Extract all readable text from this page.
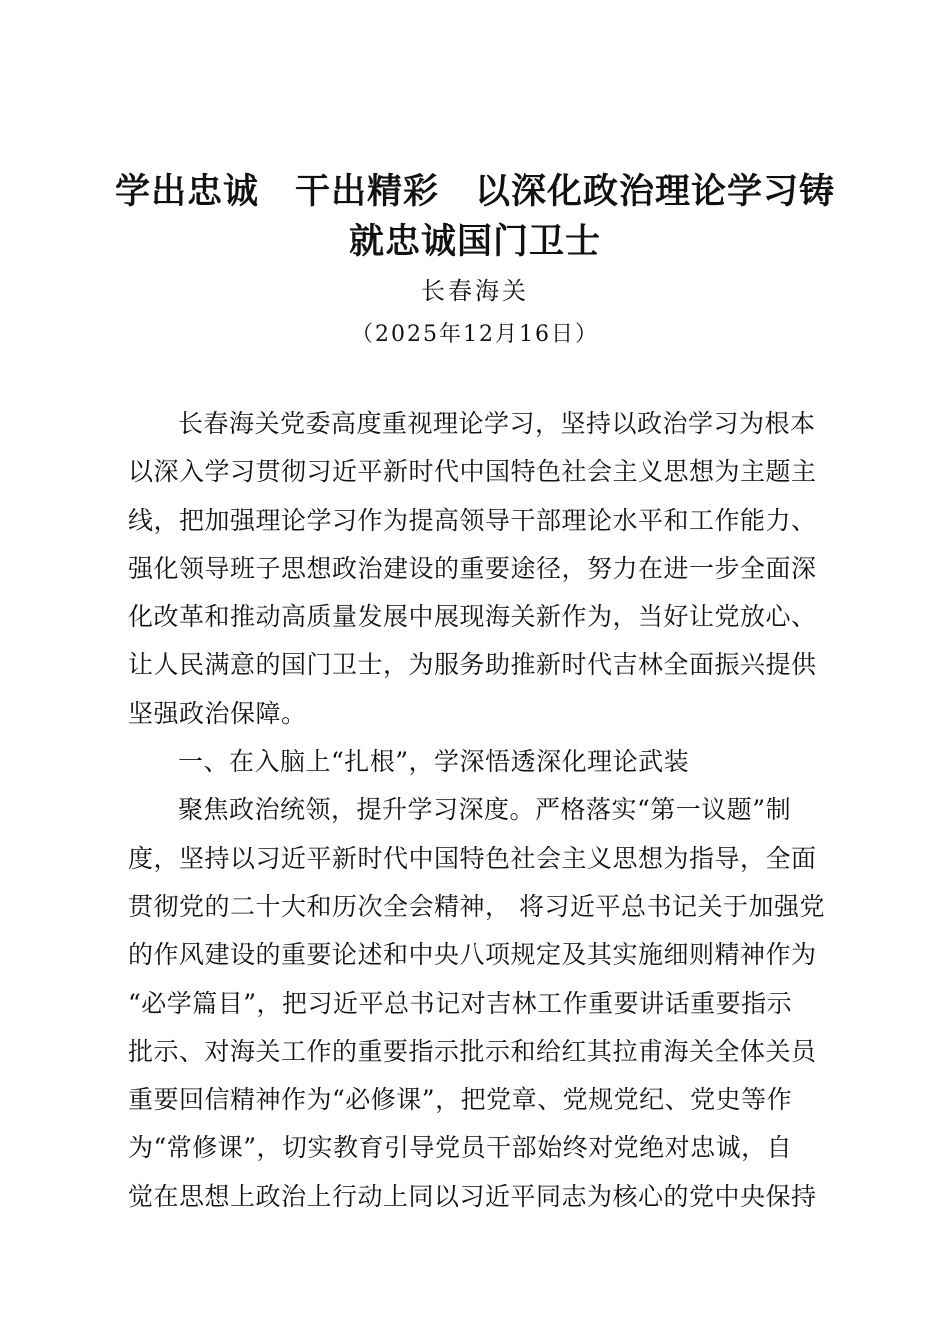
学出忠诚　干出精彩　以深化政治理论学习铸
就忠诚国门卫士
长春海关
（2025年12月16日）
长春海关党委高度重视理论学习，坚持以政治学习为根本
以深入学习贯彻习近平新时代中国特色社会主义思想为主题主
线，把加强理论学习作为提高领导干部理论水平和工作能力、
强化领导班子思想政治建设的重要途径，努力在进一步全面深
化改革和推动高质量发展中展现海关新作为，当好让党放心、
让人民满意的国门卫士，为服务助推新时代吉林全面振兴提供
坚强政治保障。
一、在入脑上“扎根”，学深悟透深化理论武装
聚焦政治统领，提升学习深度。严格落实“第一议题”制
度，坚持以习近平新时代中国特色社会主义思想为指导，全面
贯彻党的二十大和历次全会精神， 将习近平总书记关于加强党
的作风建设的重要论述和中央八项规定及其实施细则精神作为
“必学篇目”，把习近平总书记对吉林工作重要讲话重要指示
批示、对海关工作的重要指示批示和给红其拉甫海关全体关员
重要回信精神作为“必修课”，把党章、党规党纪、党史等作
为“常修课”，切实教育引导党员干部始终对党绝对忠诚，自
觉在思想上政治上行动上同以习近平同志为核心的党中央保持
